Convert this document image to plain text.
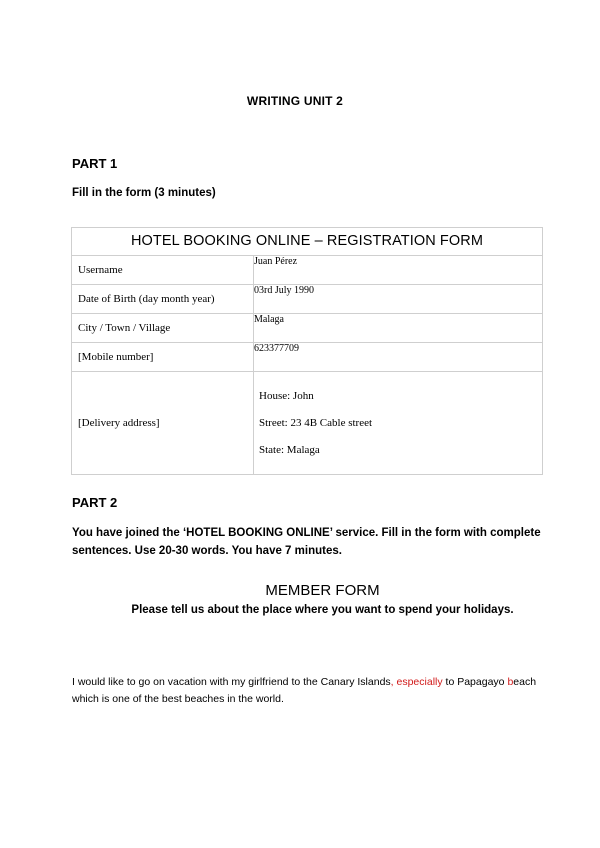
WRITING UNIT 2
PART 1
Fill in the form (3 minutes)
HOTEL BOOKING ONLINE – REGISTRATION FORM	
Username	Juan Pérez
Date of Birth (day month year)	03rd July 1990
City / Town / Village	Malaga
[Mobile number]	623377709
[Delivery address]	House: John
Street: 23 4B Cable street
State: Malaga
PART 2
You have joined the ‘HOTEL BOOKING ONLINE’ service. Fill in the form with complete
sentences. Use 20-30 words. You have 7 minutes.
MEMBER FORM
Please tell us about the place where you want to spend your holidays.
I would like to go on vacation with my girlfriend to the Canary Islands, especially to Papagayo beach
which is one of the best beaches in the world.
